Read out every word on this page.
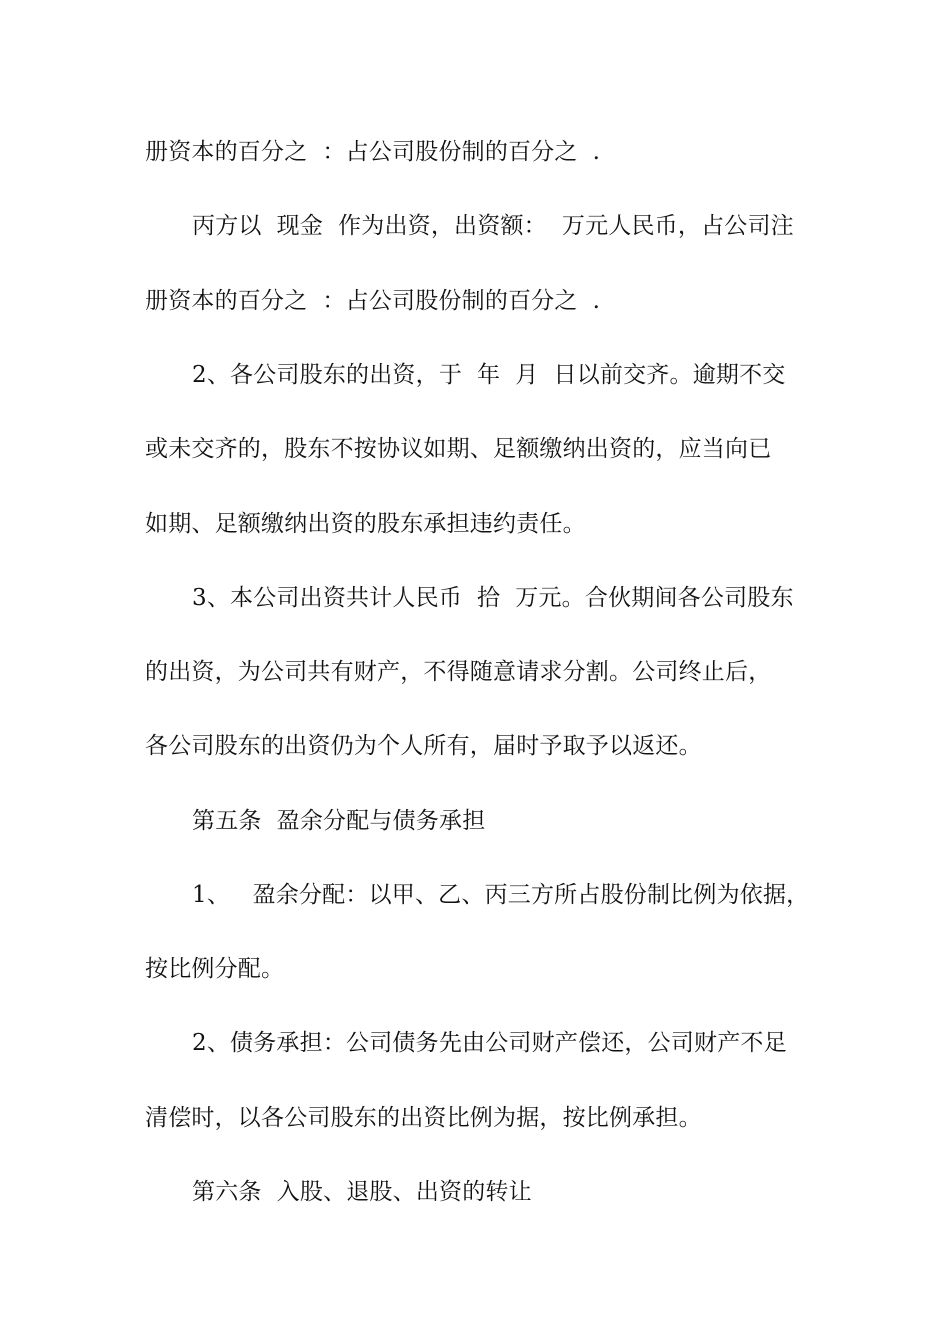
册资本的百分之  ：占公司股份制的百分之  .
丙方以  现金  作为出资，出资额：  万元人民币，占公司注
册资本的百分之  ：占公司股份制的百分之  .
2、各公司股东的出资，于  年  月  日以前交齐。逾期不交
或未交齐的，股东不按协议如期、足额缴纳出资的，应当向已
如期、足额缴纳出资的股东承担违约责任。
3、本公司出资共计人民币  拾  万元。合伙期间各公司股东
的出资，为公司共有财产，不得随意请求分割。公司终止后，
各公司股东的出资仍为个人所有，届时予取予以返还。
第五条  盈余分配与债务承担
1、   盈余分配：以甲、乙、丙三方所占股份制比例为依据，
按比例分配。
2、债务承担：公司债务先由公司财产偿还，公司财产不足
清偿时，以各公司股东的出资比例为据，按比例承担。
第六条  入股、退股、出资的转让
